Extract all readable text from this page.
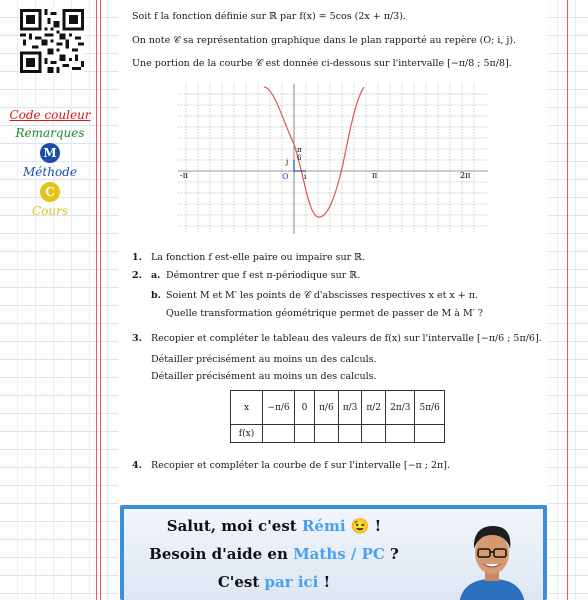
Code couleur
Remarques
M
Méthode
C
Cours
Soit f la fonction définie sur ℝ par f(x) = 5cos (2x + π/3).
On note 𝒞 sa représentation graphique dans le plan rapporté au repère (O; i, j).
Une portion de la courbe 𝒞 est donnée ci-dessous sur l'intervalle [−π/8 ; 5π/8].
-π	π	2π
π
6
O i
j
1. La fonction f est-elle paire ou impaire sur ℝ.
2. a. Démontrer que f est π-périodique sur ℝ.
b. Soient M et M′ les points de 𝒞 d'abscisses respectives x et x + π.
Quelle transformation géométrique permet de passer de M à M′ ?
3. Recopier et compléter le tableau des valeurs de f(x) sur l'intervalle [−π/6 ; 5π/6].
Détailler précisément au moins un des calculs.
Détailler précisément au moins un des calculs.
x	−π/6	0	π/6	π/3	π/2	2π/3	5π/6
f(x)							
4. Recopier et compléter la courbe de f sur l'intervalle [−π ; 2π].
Salut, moi c'est Rémi 😉 !
Besoin d'aide en Maths / PC ?
C'est par ici !
